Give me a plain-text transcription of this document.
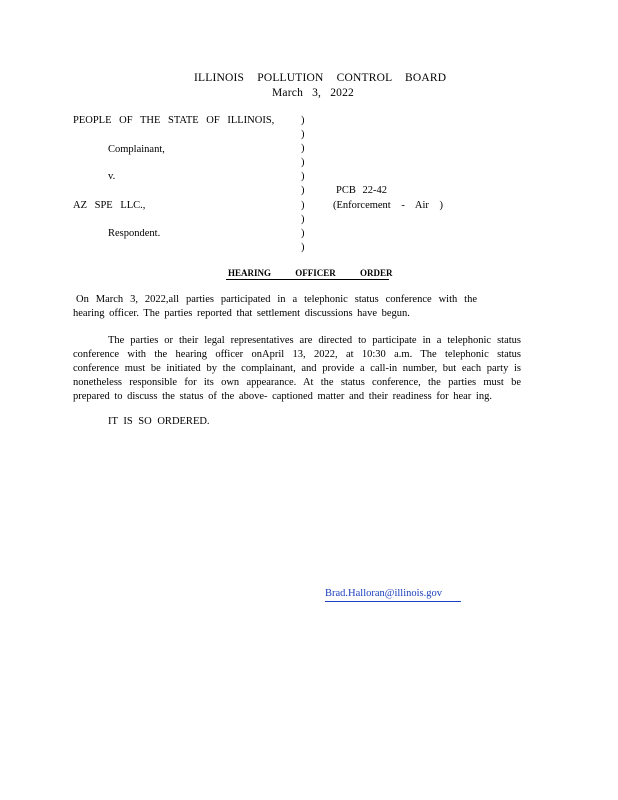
ILLINOIS POLLUTION CONTROL BOARD
March 3, 2022
PEOPLE OF THE STATE OF ILLINOIS,
Complainant,
v.
AZ SPE LLC.,
Respondent.
)
)
)
)
)
)
)
)
)
)
PCB 22-42
(Enforcement - Air )
HEARING OFFICER ORDER
On March 3, 2022,all parties participated in a telephonic status conference with the hearing officer. The parties reported that settlement discussions have begun.
The parties or their legal representatives are directed to participate in a telephonic status conference with the hearing officer onApril 13, 2022, at 10:30 a.m. The telephonic status conference must be initiated by the complainant, and provide a call-in number, but each party is nonetheless responsible for its own appearance. At the status conference, the parties must be prepared to discuss the status of the above- captioned matter and their readiness for hear ing.
IT IS SO ORDERED.
Brad.Halloran@illinois.gov
